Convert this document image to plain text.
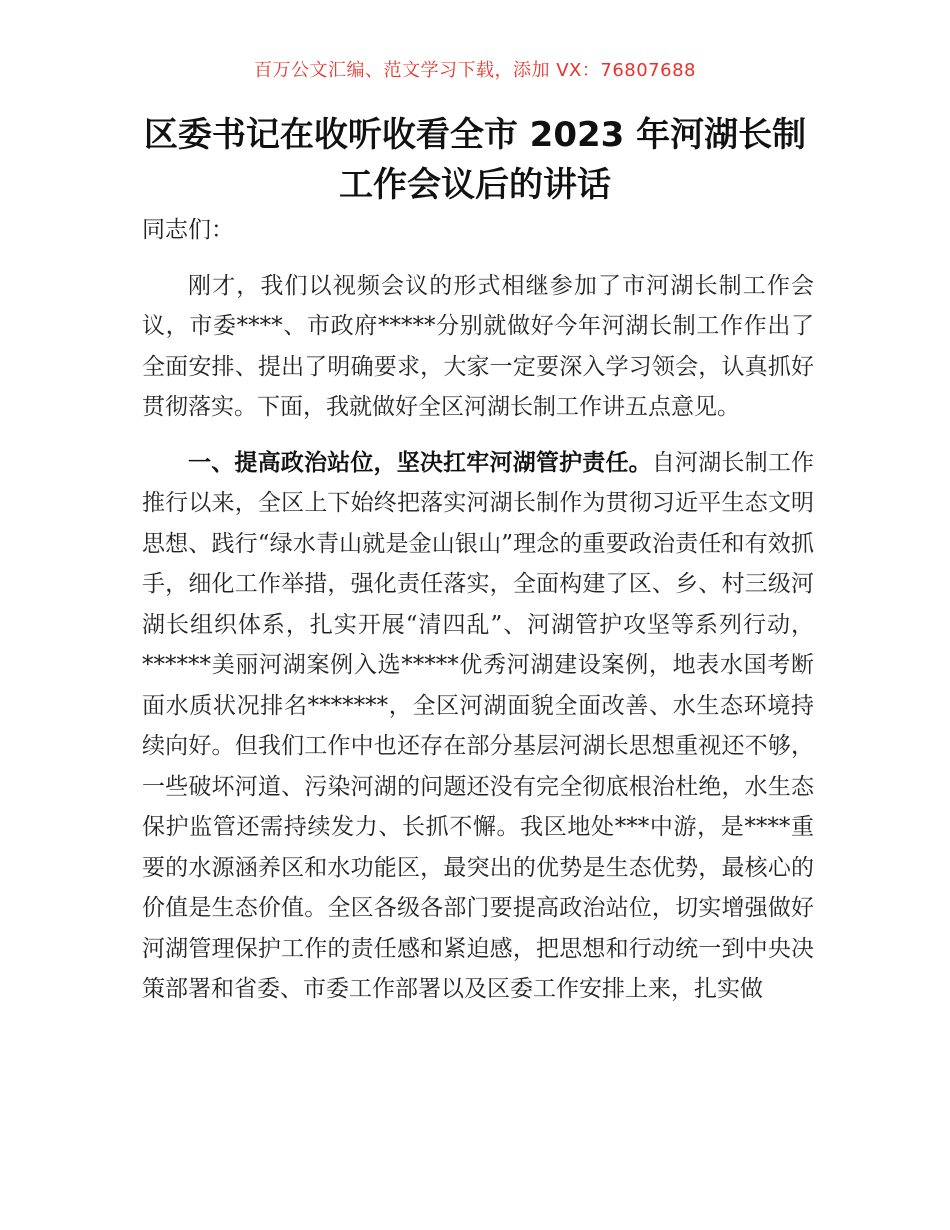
百万公文汇编、范文学习下载，添加 VX：76807688
区委书记在收听收看全市 2023 年河湖长制
工作会议后的讲话

同志们：

刚才，我们以视频会议的形式相继参加了市河湖长制工作会议，市委****、市政府*****分别就做好今年河湖长制工作作出了全面安排、提出了明确要求，大家一定要深入学习领会，认真抓好贯彻落实。下面，我就做好全区河湖长制工作讲五点意见。

一、提高政治站位，坚决扛牢河湖管护责任。自河湖长制工作推行以来，全区上下始终把落实河湖长制作为贯彻习近平生态文明思想、践行“绿水青山就是金山银山”理念的重要政治责任和有效抓手，细化工作举措，强化责任落实，全面构建了区、乡、村三级河湖长组织体系，扎实开展“清四乱”、河湖管护攻坚等系列行动，******美丽河湖案例入选*****优秀河湖建设案例，地表水国考断面水质状况排名*******，全区河湖面貌全面改善、水生态环境持续向好。但我们工作中也还存在部分基层河湖长思想重视还不够，一些破坏河道、污染河湖的问题还没有完全彻底根治杜绝，水生态保护监管还需持续发力、长抓不懈。我区地处***中游，是****重要的水源涵养区和水功能区，最突出的优势是生态优势，最核心的价值是生态价值。全区各级各部门要提高政治站位，切实增强做好河湖管理保护工作的责任感和紧迫感，把思想和行动统一到中央决策部署和省委、市委工作部署以及区委工作安排上来，扎实做
